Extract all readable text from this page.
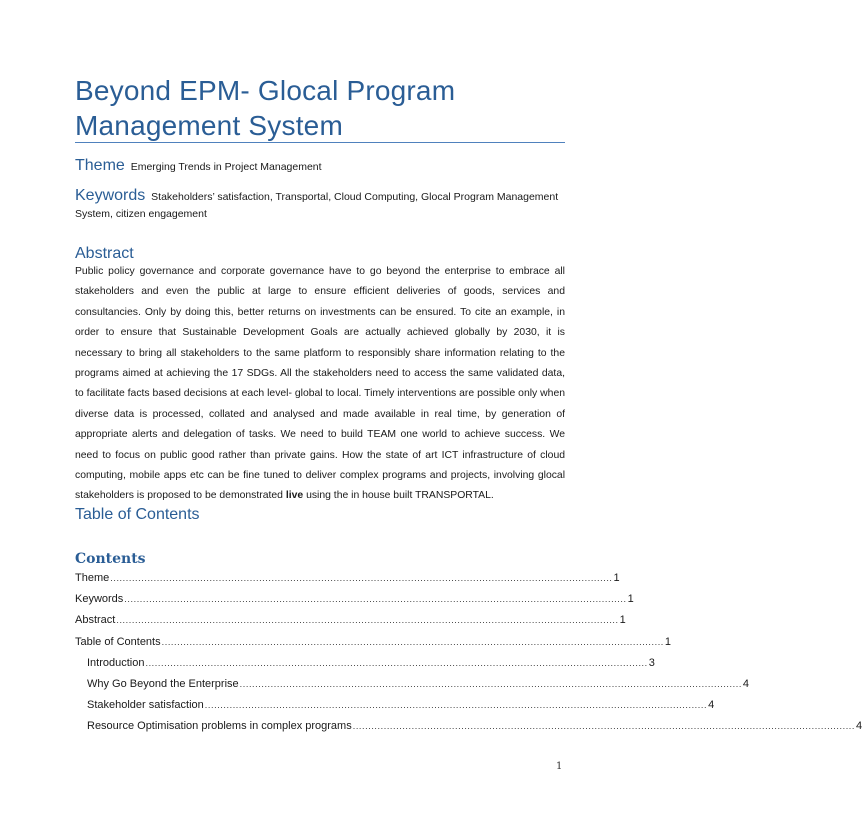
Beyond EPM- Glocal Program Management System
Theme Emerging Trends in Project Management
Keywords Stakeholders’ satisfaction, Transportal, Cloud Computing, Glocal Program Management
System, citizen engagement
Abstract
Public policy governance and corporate governance have to go beyond the enterprise to embrace all stakeholders and even the public at large to ensure efficient deliveries of goods, services and consultancies. Only by doing this, better returns on investments can be ensured. To cite an example, in order to ensure that Sustainable Development Goals are actually achieved globally by 2030, it is necessary to bring all stakeholders to the same platform to responsibly share information relating to the programs aimed at achieving the 17 SDGs. All the stakeholders need to access the same validated data, to facilitate facts based decisions at each level- global to local. Timely interventions are possible only when diverse data is processed, collated and analysed and made available in real time, by generation of appropriate alerts and delegation of tasks. We need to build TEAM one world to achieve success. We need to focus on public good rather than private gains. How the state of art ICT infrastructure of cloud computing, mobile apps etc can be fine tuned to deliver complex programs and projects, involving glocal stakeholders is proposed to be demonstrated live using the in house built TRANSPORTAL.
Table of Contents
Contents
Theme .................................................................................................................................................................. 1
Keywords .................................................................................................................................................................. 1
Abstract .................................................................................................................................................................. 1
Table of Contents .................................................................................................................................................................. 1
Introduction .................................................................................................................................................................. 3
Why Go Beyond the Enterprise .................................................................................................................................................................. 4
Stakeholder satisfaction .................................................................................................................................................................. 4
Resource Optimisation problems in complex programs .................................................................................................................................................................. 4
1
